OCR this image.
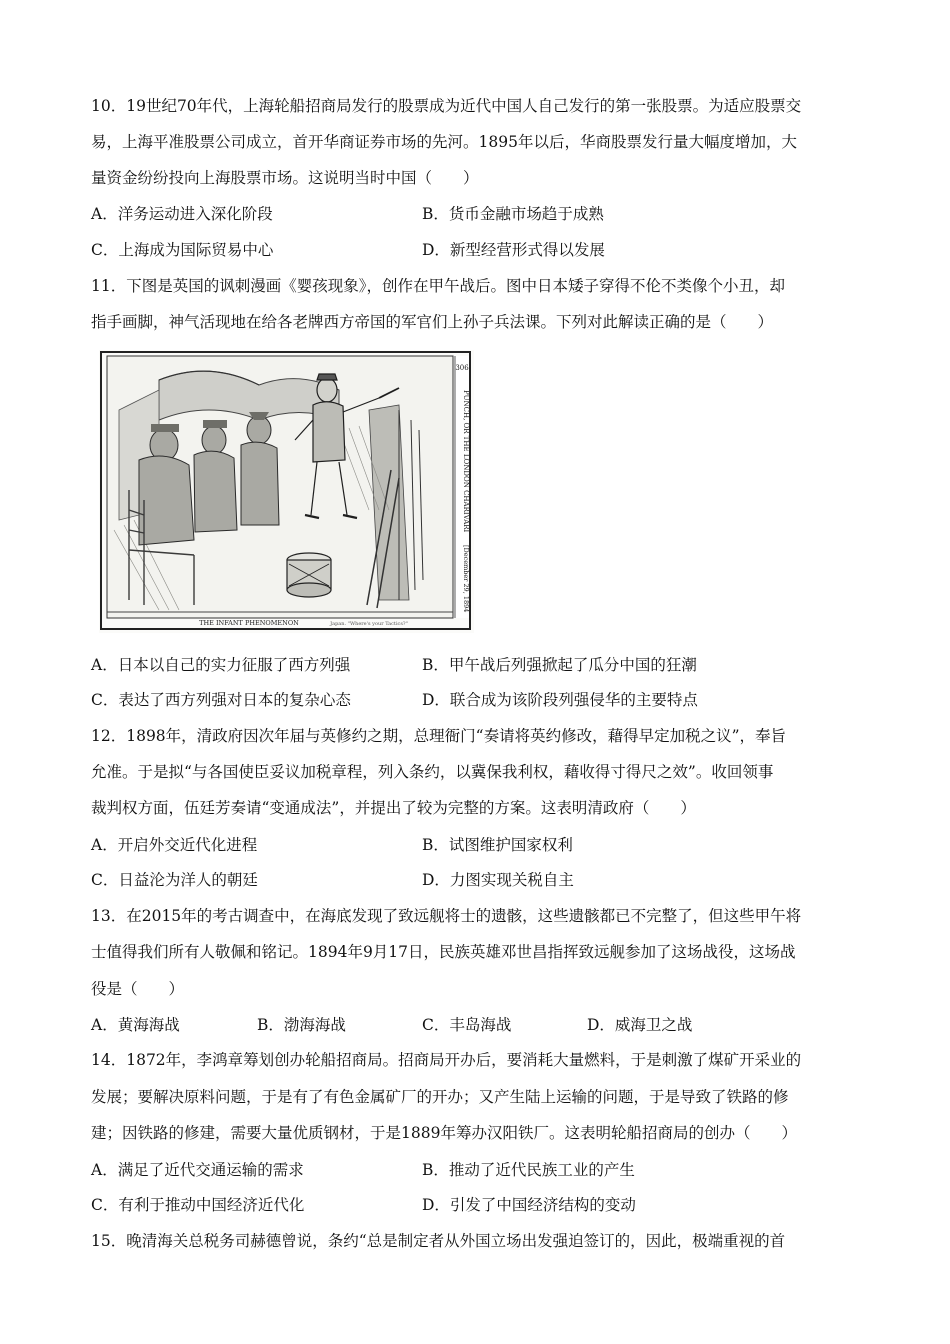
10．19世纪70年代，上海轮船招商局发行的股票成为近代中国人自己发行的第一张股票。为适应股票交
易，上海平准股票公司成立，首开华商证券市场的先河。1895年以后，华商股票发行量大幅度增加，大
量资金纷纷投向上海股票市场。这说明当时中国（　　）
A．洋务运动进入深化阶段	B．货币金融市场趋于成熟
C．上海成为国际贸易中心	D．新型经营形式得以发展
11．下图是英国的讽刺漫画《婴孩现象》，创作在甲午战后。图中日本矮子穿得不伦不类像个小丑，却
指手画脚，神气活现地在给各老牌西方帝国的军官们上孙子兵法课。下列对此解读正确的是（　　）
306
PUNCH, OR THE LONDON CHARIVARI
[December 29, 1894
THE INFANT PHENOMENON	Japan. "Where's your Tactics?"
A．日本以自己的实力征服了西方列强	B．甲午战后列强掀起了瓜分中国的狂潮
C．表达了西方列强对日本的复杂心态	D．联合成为该阶段列强侵华的主要特点
12．1898年，清政府因次年届与英修约之期，总理衙门“奏请将英约修改，藉得早定加税之议”，奉旨
允准。于是拟“与各国使臣妥议加税章程，列入条约，以冀保我利权，藉收得寸得尺之效”。收回领事
裁判权方面，伍廷芳奏请“变通成法”，并提出了较为完整的方案。这表明清政府（　　）
A．开启外交近代化进程	B．试图维护国家权利
C．日益沦为洋人的朝廷	D．力图实现关税自主
13．在2015年的考古调查中，在海底发现了致远舰将士的遗骸，这些遗骸都已不完整了，但这些甲午将
士值得我们所有人敬佩和铭记。1894年9月17日，民族英雄邓世昌指挥致远舰参加了这场战役，这场战
役是（　　）
A．黄海海战	B．渤海海战	C．丰岛海战	D．威海卫之战
14．1872年，李鸿章筹划创办轮船招商局。招商局开办后，要消耗大量燃料，于是刺激了煤矿开采业的
发展；要解决原料问题，于是有了有色金属矿厂的开办；又产生陆上运输的问题，于是导致了铁路的修
建；因铁路的修建，需要大量优质钢材，于是1889年筹办汉阳铁厂。这表明轮船招商局的创办（　　）
A．满足了近代交通运输的需求	B．推动了近代民族工业的产生
C．有利于推动中国经济近代化	D．引发了中国经济结构的变动
15．晚清海关总税务司赫德曾说，条约“总是制定者从外国立场出发强迫签订的，因此，极端重视的首
